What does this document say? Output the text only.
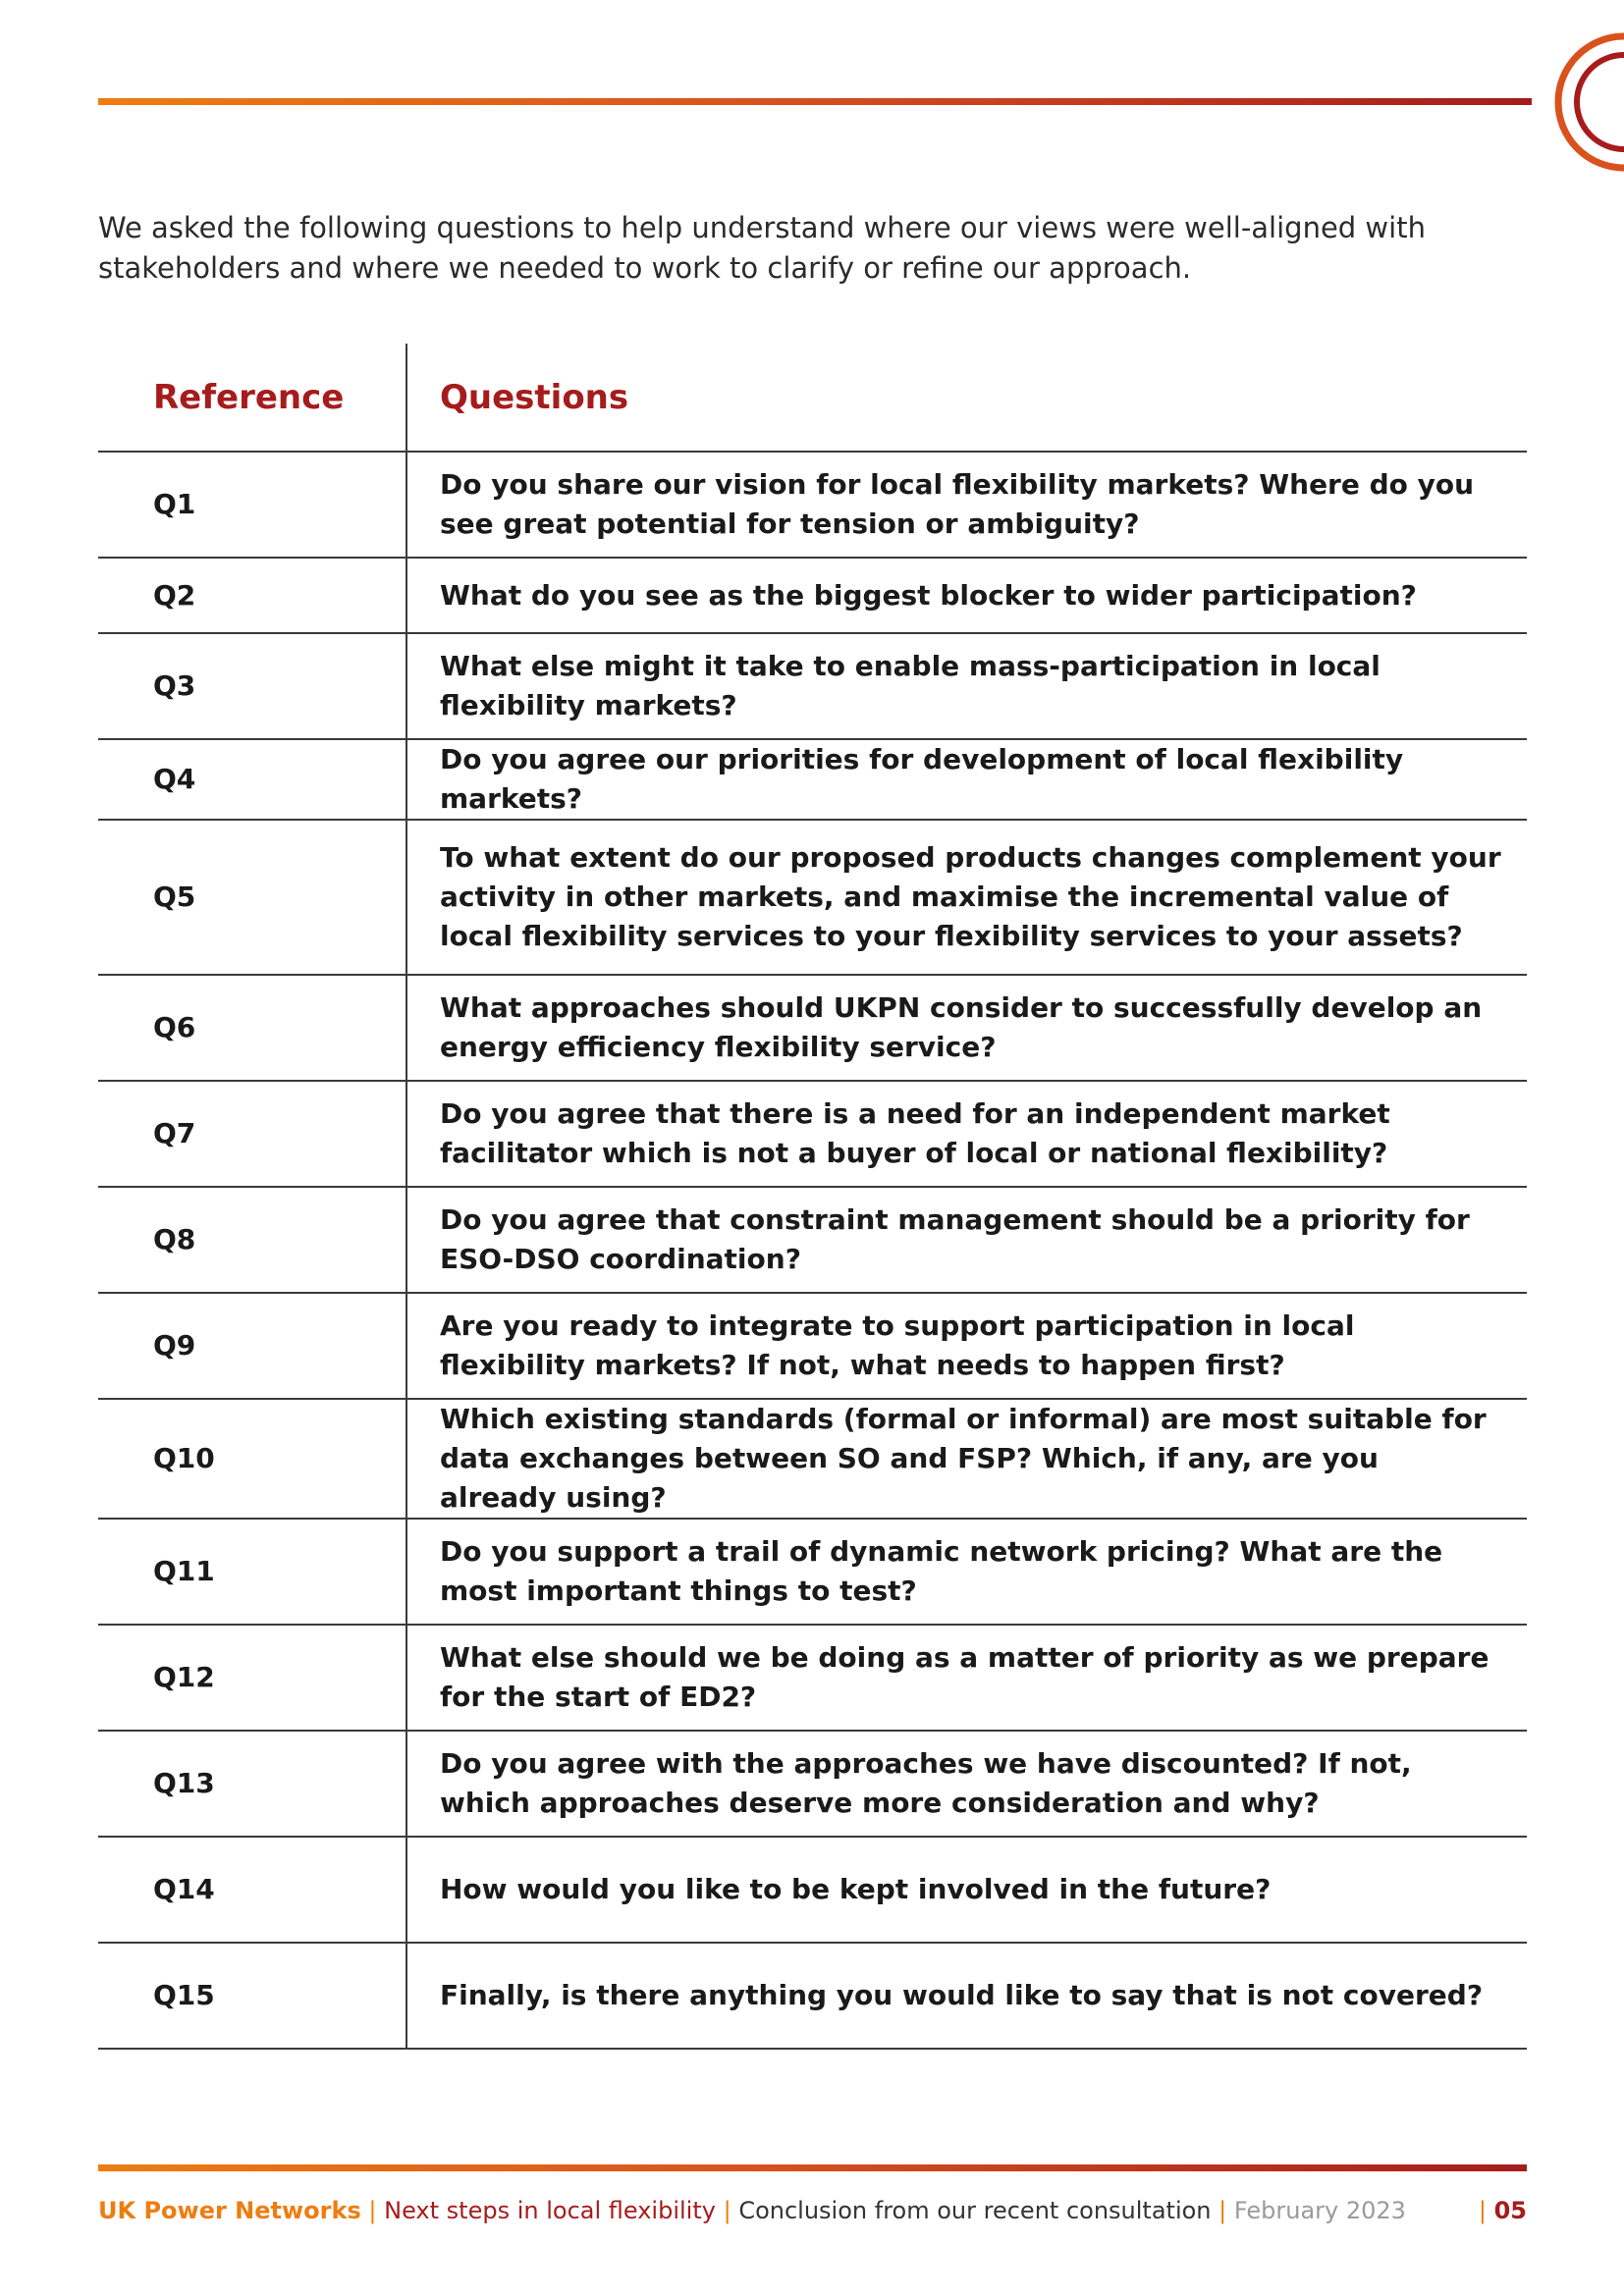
We asked the following questions to help understand where our views were well-aligned with stakeholders and where we needed to work to clarify or refine our approach.

Reference	Questions
Q1	Do you share our vision for local flexibility markets? Where do you see great potential for tension or ambiguity?
Q2	What do you see as the biggest blocker to wider participation?
Q3	What else might it take to enable mass-participation in local flexibility markets?
Q4	Do you agree our priorities for development of local flexibility markets?
Q5	To what extent do our proposed products changes complement your activity in other markets, and maximise the incremental value of local flexibility services to your flexibility services to your assets?
Q6	What approaches should UKPN consider to successfully develop an energy efficiency flexibility service?
Q7	Do you agree that there is a need for an independent market facilitator which is not a buyer of local or national flexibility?
Q8	Do you agree that constraint management should be a priority for ESO-DSO coordination?
Q9	Are you ready to integrate to support participation in local flexibility markets? If not, what needs to happen first?
Q10	Which existing standards (formal or informal) are most suitable for data exchanges between SO and FSP? Which, if any, are you already using?
Q11	Do you support a trail of dynamic network pricing? What are the most important things to test?
Q12	What else should we be doing as a matter of priority as we prepare for the start of ED2?
Q13	Do you agree with the approaches we have discounted? If not, which approaches deserve more consideration and why?
Q14	How would you like to be kept involved in the future?
Q15	Finally, is there anything you would like to say that is not covered?
UK Power Networks | Next steps in local flexibility | Conclusion from our recent consultation | February 2023	| 05
